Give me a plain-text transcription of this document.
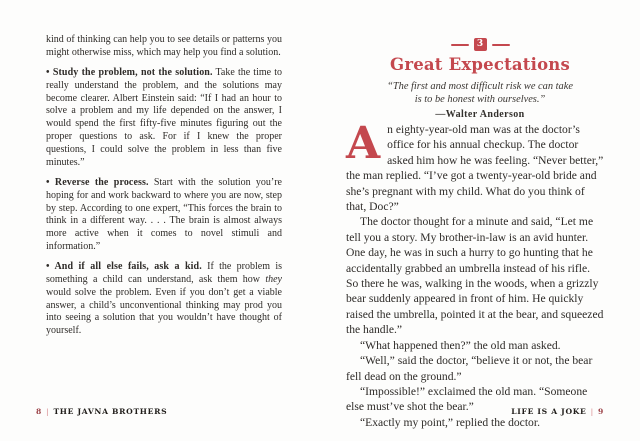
kind of thinking can help you to see details or patterns you might otherwise miss, which may help you find a solution.

• Study the problem, not the solution. Take the time to really understand the problem, and the solutions may become clearer. Albert Einstein said: “If I had an hour to solve a problem and my life depended on the answer, I would spend the first fifty-five minutes figuring out the proper questions to ask. For if I knew the proper questions, I could solve the problem in less than five minutes.”

• Reverse the process. Start with the solution you’re hoping for and work backward to where you are now, step by step. According to one expert, “This forces the brain to think in a different way. . . . The brain is almost always more active when it comes to novel stimuli and information.”

• And if all else fails, ask a kid. If the problem is something a child can understand, ask them how they would solve the problem. Even if you don’t get a viable answer, a child’s unconventional thinking may prod you into seeing a solution that you wouldn’t have thought of yourself.

8 | THE JAVNA BROTHERS
3
Great Expectations
“The first and most difficult risk we can take
is to be honest with ourselves.”
—Walter Anderson

An eighty-year-old man was at the doctor’s office for his annual checkup. The doctor asked him how he was feeling. “Never better,” the man replied. “I’ve got a twenty-year-old bride and she’s pregnant with my child. What do you think of that, Doc?”

The doctor thought for a minute and said, “Let me tell you a story. My brother-in-law is an avid hunter. One day, he was in such a hurry to go hunting that he accidentally grabbed an umbrella instead of his rifle. So there he was, walking in the woods, when a grizzly bear suddenly appeared in front of him. He quickly raised the umbrella, pointed it at the bear, and squeezed the handle.”

“What happened then?” the old man asked.

“Well,” said the doctor, “believe it or not, the bear fell dead on the ground.”

“Impossible!” exclaimed the old man. “Someone else must’ve shot the bear.”

“Exactly my point,” replied the doctor.

LIFE IS A JOKE | 9
